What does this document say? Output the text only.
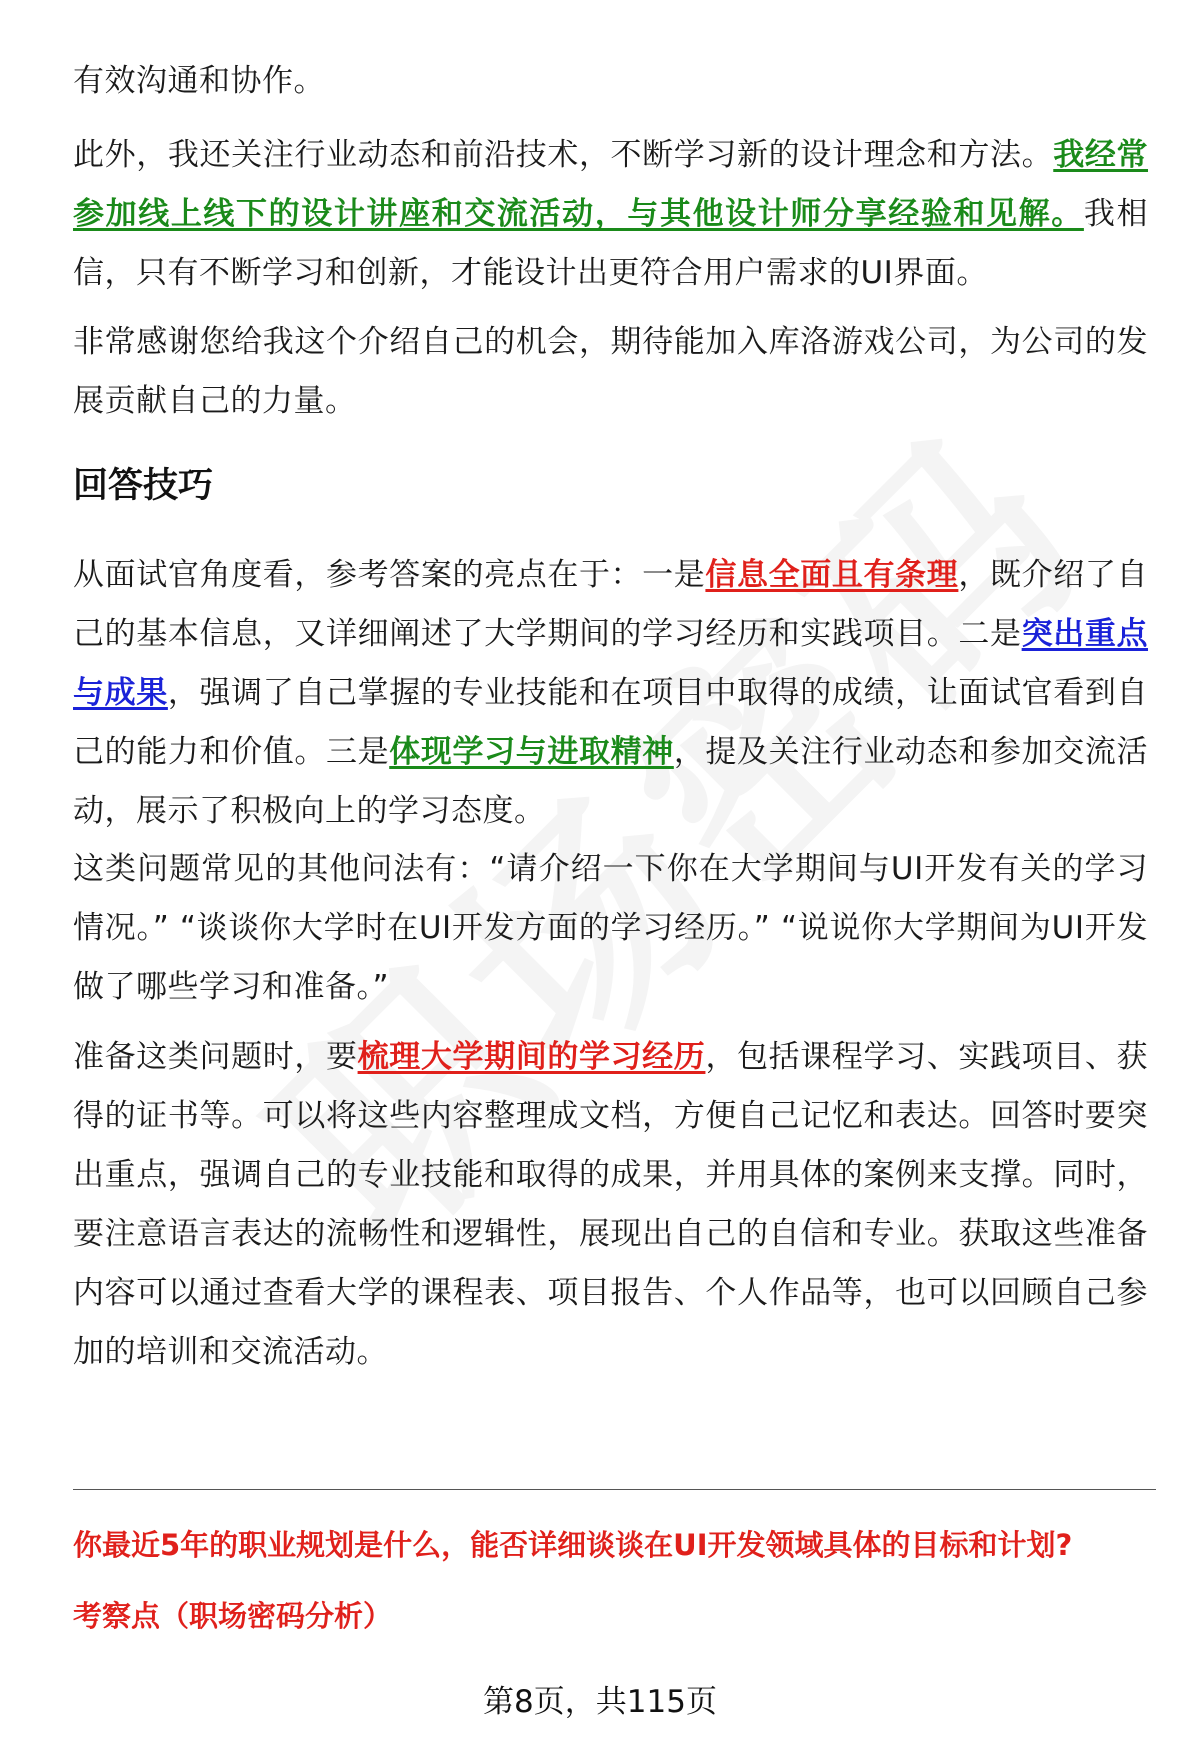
有效沟通和协作。

此外，我还关注行业动态和前沿技术，不断学习新的设计理念和方法。我经常参加线上线下的设计讲座和交流活动，与其他设计师分享经验和见解。我相信，只有不断学习和创新，才能设计出更符合用户需求的UI界面。

非常感谢您给我这个介绍自己的机会，期待能加入库洛游戏公司，为公司的发展贡献自己的力量。

回答技巧

从面试官角度看，参考答案的亮点在于：一是信息全面且有条理，既介绍了自己的基本信息，又详细阐述了大学期间的学习经历和实践项目。二是突出重点与成果，强调了自己掌握的专业技能和在项目中取得的成绩，让面试官看到自己的能力和价值。三是体现学习与进取精神，提及关注行业动态和参加交流活动，展示了积极向上的学习态度。

这类问题常见的其他问法有：“请介绍一下你在大学期间与UI开发有关的学习情况。” “谈谈你大学时在UI开发方面的学习经历。” “说说你大学期间为UI开发做了哪些学习和准备。”

准备这类问题时，要梳理大学期间的学习经历，包括课程学习、实践项目、获得的证书等。可以将这些内容整理成文档，方便自己记忆和表达。回答时要突出重点，强调自己的专业技能和取得的成果，并用具体的案例来支撑。同时，要注意语言表达的流畅性和逻辑性，展现出自己的自信和专业。获取这些准备内容可以通过查看大学的课程表、项目报告、个人作品等，也可以回顾自己参加的培训和交流活动。

你最近5年的职业规划是什么，能否详细谈谈在UI开发领域具体的目标和计划?

考察点（职场密码分析）

第8页，共115页
